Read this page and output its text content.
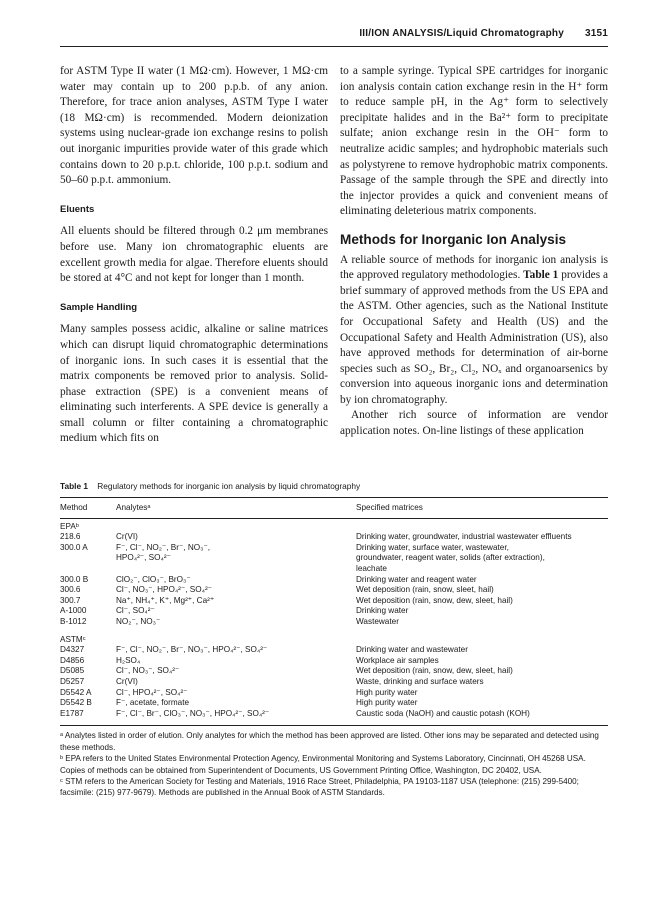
III/ION ANALYSIS/Liquid Chromatography 3151

for ASTM Type II water (1 MΩ·cm). However, 1 MΩ·cm water may contain up to 200 p.p.b. of any anion. Therefore, for trace anion analyses, ASTM Type I water (18 MΩ·cm) is recommended. Modern deionization systems using nuclear-grade ion exchange resins to polish out inorganic impurities provide water of this grade which contains down to 20 p.p.t. chloride, 100 p.p.t. sodium and 50–60 p.p.t. ammonium.

Eluents

All eluents should be filtered through 0.2 μm membranes before use. Many ion chromatographic eluents are excellent growth media for algae. Therefore eluents should be stored at 4°C and not kept for longer than 1 month.

Sample Handling

Many samples possess acidic, alkaline or saline matrices which can disrupt liquid chromatographic determinations of inorganic ions. In such cases it is essential that the matrix components be removed prior to analysis. Solid-phase extraction (SPE) is a convenient means of eliminating such interferents. A SPE device is generally a small column or filter containing a chromatographic medium which fits on

to a sample syringe. Typical SPE cartridges for inorganic ion analysis contain cation exchange resin in the H⁺ form to reduce sample pH, in the Ag⁺ form to selectively precipitate halides and in the Ba²⁺ form to precipitate sulfate; anion exchange resin in the OH⁻ form to neutralize acidic samples; and hydrophobic materials such as polystyrene to remove hydrophobic matrix components. Passage of the sample through the SPE and directly into the injector provides a quick and convenient means of eliminating deleterious matrix components.

Methods for Inorganic Ion Analysis

A reliable source of methods for inorganic ion analysis is the approved regulatory methodologies. Table 1 provides a brief summary of approved methods from the US EPA and the ASTM. Other agencies, such as the National Institute for Occupational Safety and Health (US) and the Occupational Safety and Health Administration (US), also have approved methods for determination of air-borne species such as SO₂, Br₂, Cl₂, NOₓ and organoarsenics by conversion into aqueous inorganic ions and determination by ion chromatography.

Another rich source of information are vendor application notes. On-line listings of these application

Table 1 Regulatory methods for inorganic ion analysis by liquid chromatography
Method	Analytesᵃ	Specified matrices
EPAᵇ
218.6	Cr(VI)	Drinking water, groundwater, industrial wastewater effluents
300.0 A	F⁻, Cl⁻, NO₂⁻, Br⁻, NO₃⁻,	Drinking water, surface water, wastewater,
HPO₄²⁻, SO₄²⁻	groundwater, reagent water, solids (after extraction),
leachate
300.0 B	ClO₂⁻, ClO₃⁻, BrO₃⁻	Drinking water and reagent water
300.6	Cl⁻, NO₃⁻, HPO₄²⁻, SO₄²⁻	Wet deposition (rain, snow, sleet, hail)
300.7	Na⁺, NH₄⁺, K⁺, Mg²⁺, Ca²⁺	Wet deposition (rain, snow, dew, sleet, hail)
A-1000	Cl⁻, SO₄²⁻	Drinking water
B-1012	NO₂⁻, NO₃⁻	Wastewater
ASTMᶜ
D4327	F⁻, Cl⁻, NO₂⁻, Br⁻, NO₃⁻, HPO₄²⁻, SO₄²⁻	Drinking water and wastewater
D4856	H₂SO₄	Workplace air samples
D5085	Cl⁻, NO₃⁻, SO₄²⁻	Wet deposition (rain, snow, dew, sleet, hail)
D5257	Cr(VI)	Waste, drinking and surface waters
D5542 A	Cl⁻, HPO₄²⁻, SO₄²⁻	High purity water
D5542 B	F⁻, acetate, formate	High purity water
E1787	F⁻, Cl⁻, Br⁻, ClO₃⁻, NO₃⁻, HPO₄²⁻, SO₄²⁻	Caustic soda (NaOH) and caustic potash (KOH)
ᵃ Analytes listed in order of elution. Only analytes for which the method has been approved are listed. Other ions may be separated and detected using these methods.
ᵇ EPA refers to the United States Environmental Protection Agency, Environmental Monitoring and Systems Laboratory, Cincinnati, OH 45268 USA. Copies of methods can be obtained from Superintendent of Documents, US Government Printing Office, Washington, DC 20402, USA.
ᶜ STM refers to the American Society for Testing and Materials, 1916 Race Street, Philadelphia, PA 19103-1187 USA (telephone: (215) 299-5400; facsimile: (215) 977-9679). Methods are published in the Annual Book of ASTM Standards.
